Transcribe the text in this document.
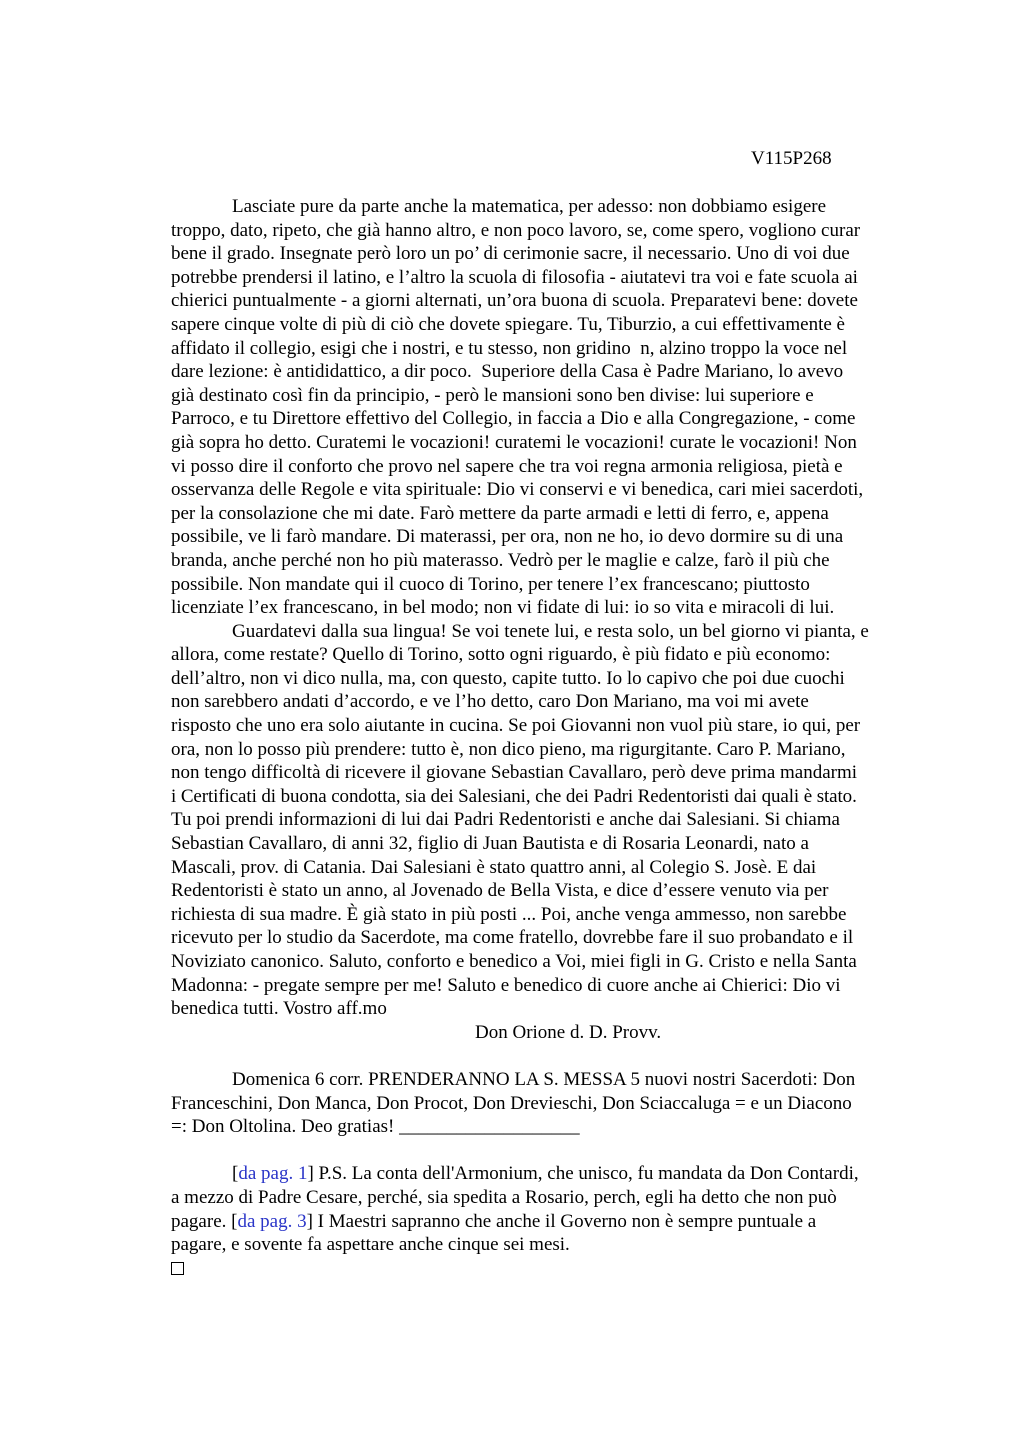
V115P268

Lasciate pure da parte anche la matematica, per adesso: non dobbiamo esigere
troppo, dato, ripeto, che già hanno altro, e non poco lavoro, se, come spero, vogliono curar
bene il grado. Insegnate però loro un po’ di cerimonie sacre, il necessario. Uno di voi due
potrebbe prendersi il latino, e l’altro la scuola di filosofia - aiutatevi tra voi e fate scuola ai
chierici puntualmente - a giorni alternati, un’ora buona di scuola. Preparatevi bene: dovete
sapere cinque volte di più di ciò che dovete spiegare. Tu, Tiburzio, a cui effettivamente è
affidato il collegio, esigi che i nostri, e tu stesso, non gridino  n, alzino troppo la voce nel
dare lezione: è antididattico, a dir poco.  Superiore della Casa è Padre Mariano, lo avevo
già destinato così fin da principio, - però le mansioni sono ben divise: lui superiore e
Parroco, e tu Direttore effettivo del Collegio, in faccia a Dio e alla Congregazione, - come
già sopra ho detto. Curatemi le vocazioni! curatemi le vocazioni! curate le vocazioni! Non
vi posso dire il conforto che provo nel sapere che tra voi regna armonia religiosa, pietà e
osservanza delle Regole e vita spirituale: Dio vi conservi e vi benedica, cari miei sacerdoti,
per la consolazione che mi date. Farò mettere da parte armadi e letti di ferro, e, appena
possibile, ve li farò mandare. Di materassi, per ora, non ne ho, io devo dormire su di una
branda, anche perché non ho più materasso. Vedrò per le maglie e calze, farò il più che
possibile. Non mandate qui il cuoco di Torino, per tenere l’ex francescano; piuttosto
licenziate l’ex francescano, in bel modo; non vi fidate di lui: io so vita e miracoli di lui.

Guardatevi dalla sua lingua! Se voi tenete lui, e resta solo, un bel giorno vi pianta, e
allora, come restate? Quello di Torino, sotto ogni riguardo, è più fidato e più economo:
dell’altro, non vi dico nulla, ma, con questo, capite tutto. Io lo capivo che poi due cuochi
non sarebbero andati d’accordo, e ve l’ho detto, caro Don Mariano, ma voi mi avete
risposto che uno era solo aiutante in cucina. Se poi Giovanni non vuol più stare, io qui, per
ora, non lo posso più prendere: tutto è, non dico pieno, ma rigurgitante. Caro P. Mariano,
non tengo difficoltà di ricevere il giovane Sebastian Cavallaro, però deve prima mandarmi
i Certificati di buona condotta, sia dei Salesiani, che dei Padri Redentoristi dai quali è stato.
Tu poi prendi informazioni di lui dai Padri Redentoristi e anche dai Salesiani. Si chiama
Sebastian Cavallaro, di anni 32, figlio di Juan Bautista e di Rosaria Leonardi, nato a
Mascali, prov. di Catania. Dai Salesiani è stato quattro anni, al Colegio S. Josè. E dai
Redentoristi è stato un anno, al Jovenado de Bella Vista, e dice d’essere venuto via per
richiesta di sua madre. È già stato in più posti ... Poi, anche venga ammesso, non sarebbe
ricevuto per lo studio da Sacerdote, ma come fratello, dovrebbe fare il suo probandato e il
Noviziato canonico. Saluto, conforto e benedico a Voi, miei figli in G. Cristo e nella Santa
Madonna: - pregate sempre per me! Saluto e benedico di cuore anche ai Chierici: Dio vi
benedica tutti. Vostro aff.mo

Don Orione d. D. Provv.

Domenica 6 corr. PRENDERANNO LA S. MESSA 5 nuovi nostri Sacerdoti: Don
Franceschini, Don Manca, Don Procot, Don Drevieschi, Don Sciaccaluga = e un Diacono
=: Don Oltolina. Deo gratias! ___________________

[da pag. 1] P.S. La conta dell'Armonium, che unisco, fu mandata da Don Contardi,
a mezzo di Padre Cesare, perché, sia spedita a Rosario, perch, egli ha detto che non può
pagare. [da pag. 3] I Maestri sapranno che anche il Governo non è sempre puntuale a
pagare, e sovente fa aspettare anche cinque sei mesi.
